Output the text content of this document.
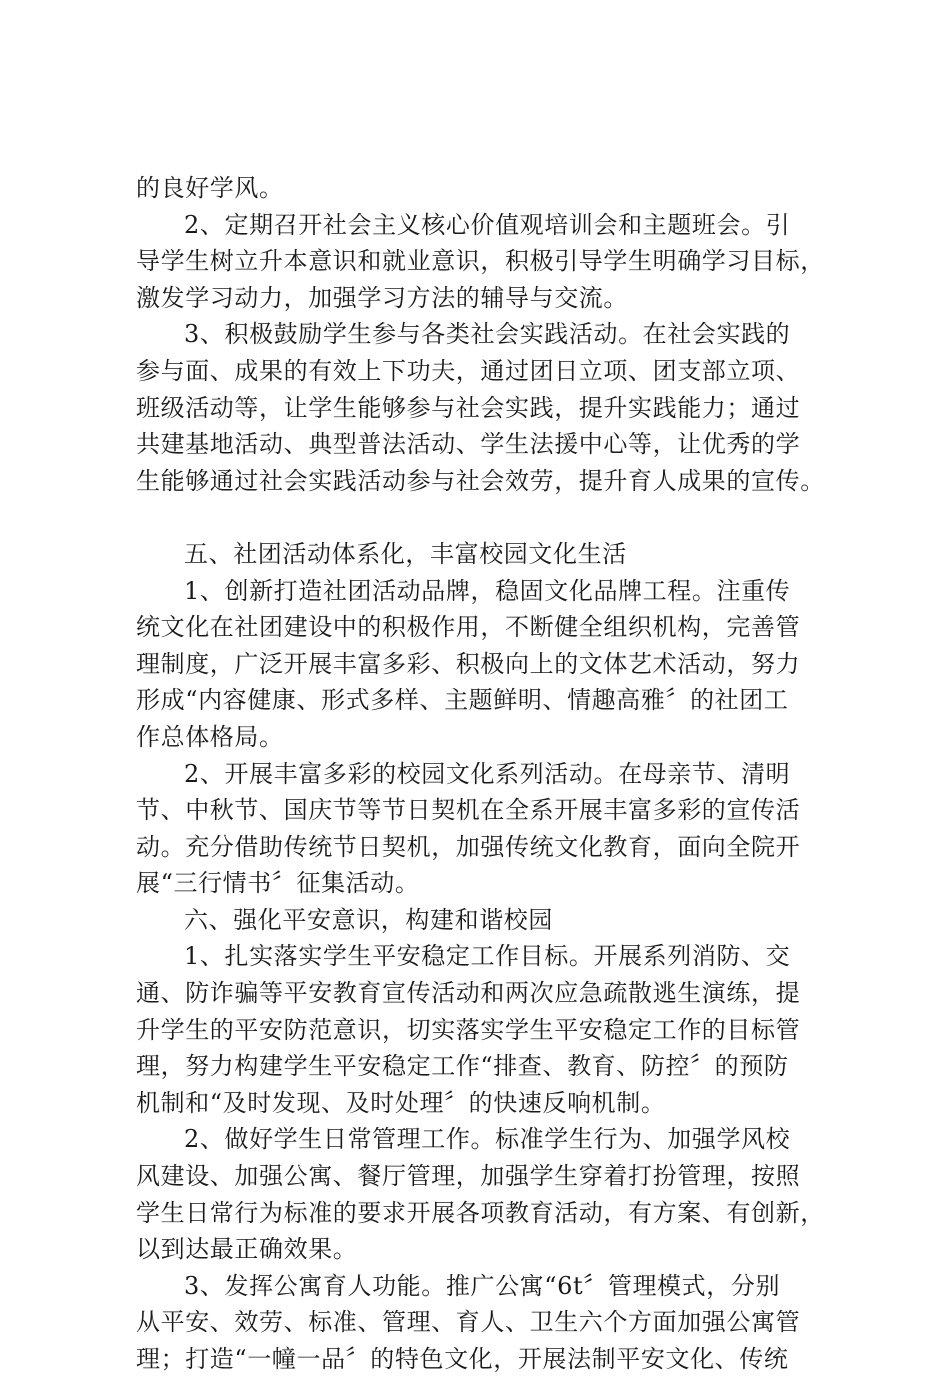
的良好学风。
2、定期召开社会主义核心价值观培训会和主题班会。引
导学生树立升本意识和就业意识，积极引导学生明确学习目标，
激发学习动力，加强学习方法的辅导与交流。
3、积极鼓励学生参与各类社会实践活动。在社会实践的
参与面、成果的有效上下功夫，通过团日立项、团支部立项、
班级活动等，让学生能够参与社会实践，提升实践能力；通过
共建基地活动、典型普法活动、学生法援中心等，让优秀的学
生能够通过社会实践活动参与社会效劳，提升育人成果的宣传。
五、社团活动体系化，丰富校园文化生活
1、创新打造社团活动品牌，稳固文化品牌工程。注重传
统文化在社团建设中的积极作用，不断健全组织机构，完善管
理制度，广泛开展丰富多彩、积极向上的文体艺术活动，努力
形成“内容健康、形式多样、主题鲜明、情趣高雅〞的社团工
作总体格局。
2、开展丰富多彩的校园文化系列活动。在母亲节、清明
节、中秋节、国庆节等节日契机在全系开展丰富多彩的宣传活
动。充分借助传统节日契机，加强传统文化教育，面向全院开
展“三行情书〞征集活动。
六、强化平安意识，构建和谐校园
1、扎实落实学生平安稳定工作目标。开展系列消防、交
通、防诈骗等平安教育宣传活动和两次应急疏散逃生演练，提
升学生的平安防范意识，切实落实学生平安稳定工作的目标管
理，努力构建学生平安稳定工作“排查、教育、防控〞的预防
机制和“及时发现、及时处理〞的快速反响机制。
2、做好学生日常管理工作。标准学生行为、加强学风校
风建设、加强公寓、餐厅管理，加强学生穿着打扮管理，按照
学生日常行为标准的要求开展各项教育活动，有方案、有创新，
以到达最正确效果。
3、发挥公寓育人功能。推广公寓“6t〞管理模式，分别
从平安、效劳、标准、管理、育人、卫生六个方面加强公寓管
理；打造“一幢一品〞的特色文化，开展法制平安文化、传统
